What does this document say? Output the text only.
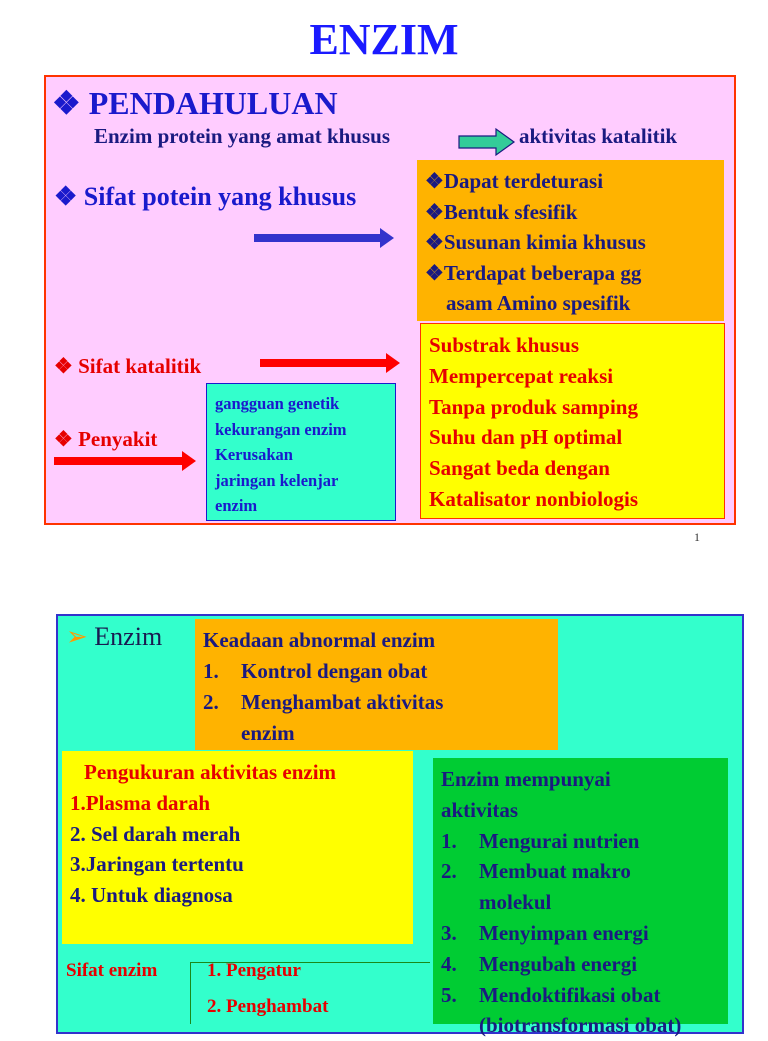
ENZIM
❖ PENDAHULUAN
Enzim protein yang amat khusus	aktivitas katalitik
❖ Sifat potein yang khusus
❖Dapat terdeturasi
❖Bentuk sfesifik
❖Susunan kimia khusus
❖Terdapat beberapa gg
asam Amino spesifik
❖ Sifat katalitik
Substrak khusus
Mempercepat reaksi
Tanpa produk samping
Suhu dan pH optimal
Sangat beda dengan
Katalisator nonbiologis
❖ Penyakit
gangguan genetik
kekurangan enzim
Kerusakan
jaringan kelenjar
enzim
1
➢ Enzim Keadaan abnormal enzim
1.	Kontrol dengan obat
2.	Menghambat aktivitas
enzim
Pengukuran aktivitas enzim
1.Plasma darah
2. Sel darah merah
3.Jaringan tertentu
4. Untuk diagnosa
Enzim mempunyai
aktivitas
1.	Mengurai nutrien
2.	Membuat makro
molekul
3.	Menyimpan energi
4.	Mengubah energi
5.	Mendoktifikasi obat
(biotransformasi obat)
Sifat enzim	1. Pengatur
2. Penghambat
